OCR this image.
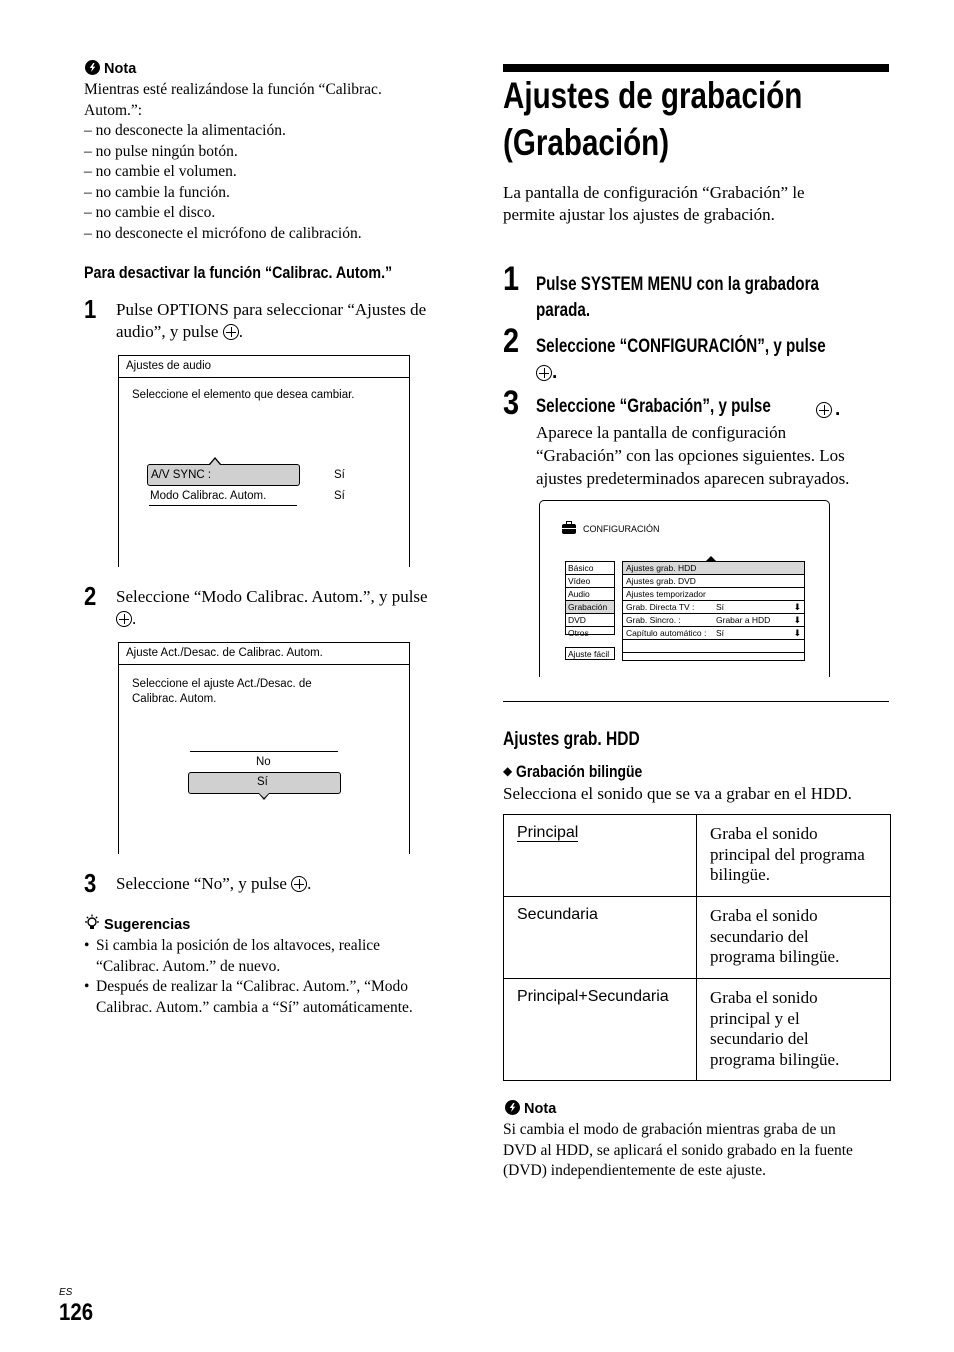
Nota
Mientras esté realizándose la función “Calibrac.
Autom.”:
– no desconecte la alimentación.
– no pulse ningún botón.
– no cambie el volumen.
– no cambie la función.
– no cambie el disco.
– no desconecte el micrófono de calibración.
Para desactivar la función “Calibrac. Autom.”
1 Pulse OPTIONS para seleccionar “Ajustes de
audio”, y pulse .
Ajustes de audio
Seleccione el elemento que desea cambiar.
A/V SYNC :	Sí
Modo Calibrac. Autom.	Sí
2 Seleccione “Modo Calibrac. Autom.”, y pulse
.
Ajuste Act./Desac. de Calibrac. Autom.
Seleccione el ajuste Act./Desac. de
Calibrac. Autom.
No
Sí
3 Seleccione “No”, y pulse .
Sugerencias
• Si cambia la posición de los altavoces, realice
“Calibrac. Autom.” de nuevo.
• Después de realizar la “Calibrac. Autom.”, “Modo
Calibrac. Autom.” cambia a “Sí” automáticamente.
ES
126
Ajustes de grabación
(Grabación)
La pantalla de configuración “Grabación” le
permite ajustar los ajustes de grabación.
1 Pulse SYSTEM MENU con la grabadora
parada.
2 Seleccione “CONFIGURACIÓN”, y pulse
.
3 Seleccione “Grabación”, y pulse	.
Aparece la pantalla de configuración
“Grabación” con las opciones siguientes. Los
ajustes predeterminados aparecen subrayados.
CONFIGURACIÓN
Básico
Vídeo
Audio
Grabación
DVD
Otros
Ajuste fácil
Ajustes grab. HDD
Ajustes grab. DVD
Ajustes temporizador
Grab. Directa TV :	Sí	⬇
Grab. Sincro. :	Grabar a HDD	⬇
Capítulo automático : Sí	⬇
Ajustes grab. HDD
◆ Grabación bilingüe
Selecciona el sonido que se va a grabar en el HDD.
Principal	Graba el sonido
principal del programa
bilingüe.

Secundaria	Graba el sonido
secundario del
programa bilingüe.

Principal+Secundaria	Graba el sonido
principal y el
secundario del
programa bilingüe.
Nota
Si cambia el modo de grabación mientras graba de un
DVD al HDD, se aplicará el sonido grabado en la fuente
(DVD) independientemente de este ajuste.
